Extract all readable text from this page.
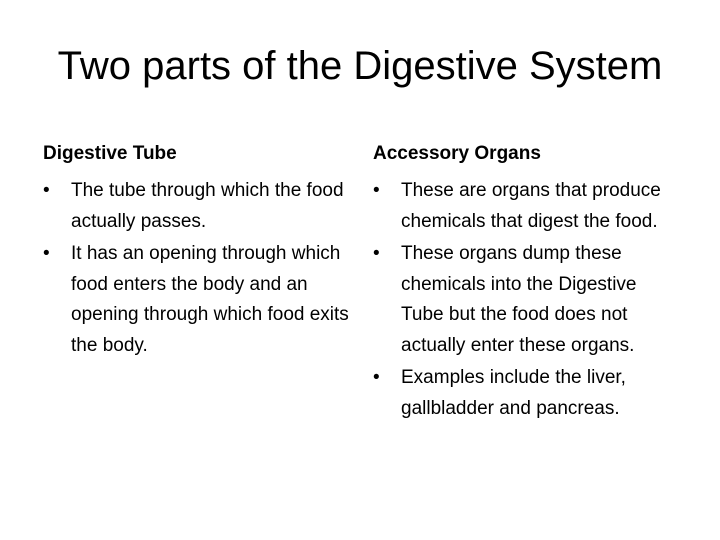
Two parts of the Digestive System
Digestive Tube
•	The tube through which the food actually passes.
•	It has an opening through which food enters the body and an opening through which food exits the body.
Accessory Organs
•	These are organs that produce chemicals that digest the food.
•	These organs dump these chemicals into the Digestive Tube but the food does not actually enter these organs.
•	Examples include the liver, gallbladder and pancreas.
